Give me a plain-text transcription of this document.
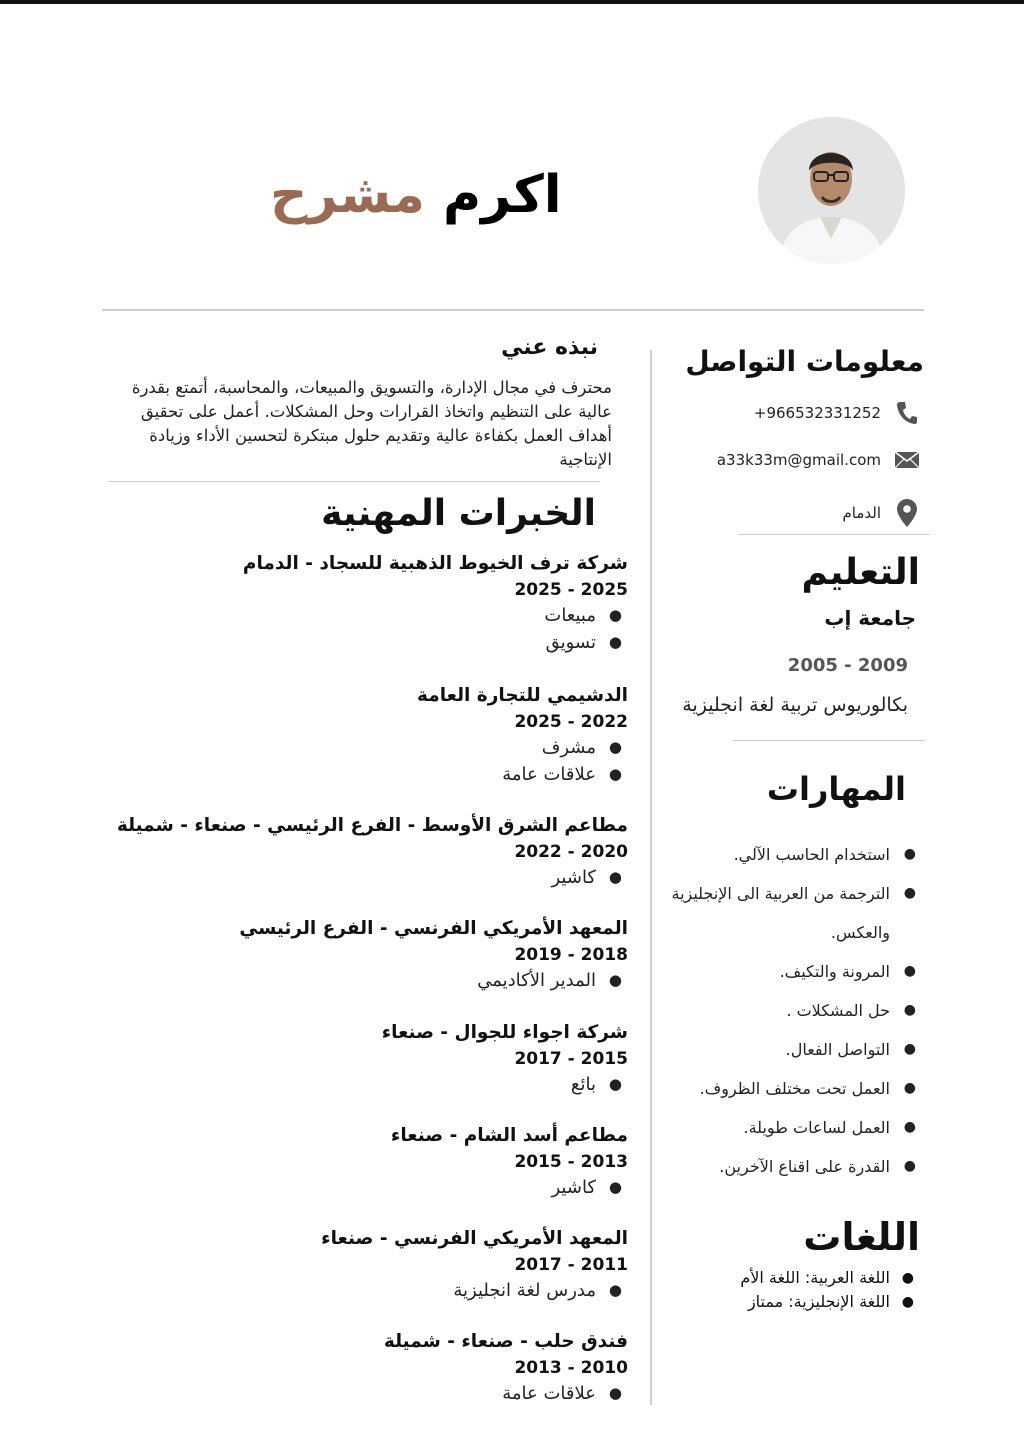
اكرم مشرح
معلومات التواصل
+966532331252
a33k33m@gmail.com
الدمام
التعليم
جامعة إب
2005 - 2009
بكالوريوس تربية لغة انجليزية
المهارات
●
استخدام الحاسب الآلي.
●
الترجمة من العربية الى الإنجليزية والعكس.
●
المرونة والتكيف.
●
حل المشكلات .
●
التواصل الفعال.
●
العمل تحت مختلف الظروف.
●
العمل لساعات طويلة.
●
القدرة على اقناع الآخرين.
اللغات
●
اللغة العربية: اللغة الأم
●
اللغة الإنجليزية: ممتاز
نبذه عني

محترف في مجال الإدارة، والتسويق والمبيعات، والمحاسبة، أتمتع بقدرة عالية على التنظيم واتخاذ القرارات وحل المشكلات. أعمل على تحقيق أهداف العمل بكفاءة عالية وتقديم حلول مبتكرة لتحسين الأداء وزيادة الإنتاجية

الخبرات المهنية
شركة ترف الخيوط الذهبية للسجاد - الدمام
2025 - 2025
●
مبيعات
●
تسويق
الدشيمي للتجارة العامة
2022 - 2025
●
مشرف
●
علاقات عامة
مطاعم الشرق الأوسط - الفرع الرئيسي - صنعاء - شميلة
2020 - 2022
●
كاشير
المعهد الأمريكي الفرنسي - الفرع الرئيسي
2018 - 2019
●
المدير الأكاديمي
شركة اجواء للجوال - صنعاء
2015 - 2017
●
بائع
مطاعم أسد الشام - صنعاء
2013 - 2015
●
كاشير
المعهد الأمريكي الفرنسي - صنعاء
2011 - 2017
●
مدرس لغة انجليزية
فندق حلب - صنعاء - شميلة
2010 - 2013
●
علاقات عامة
